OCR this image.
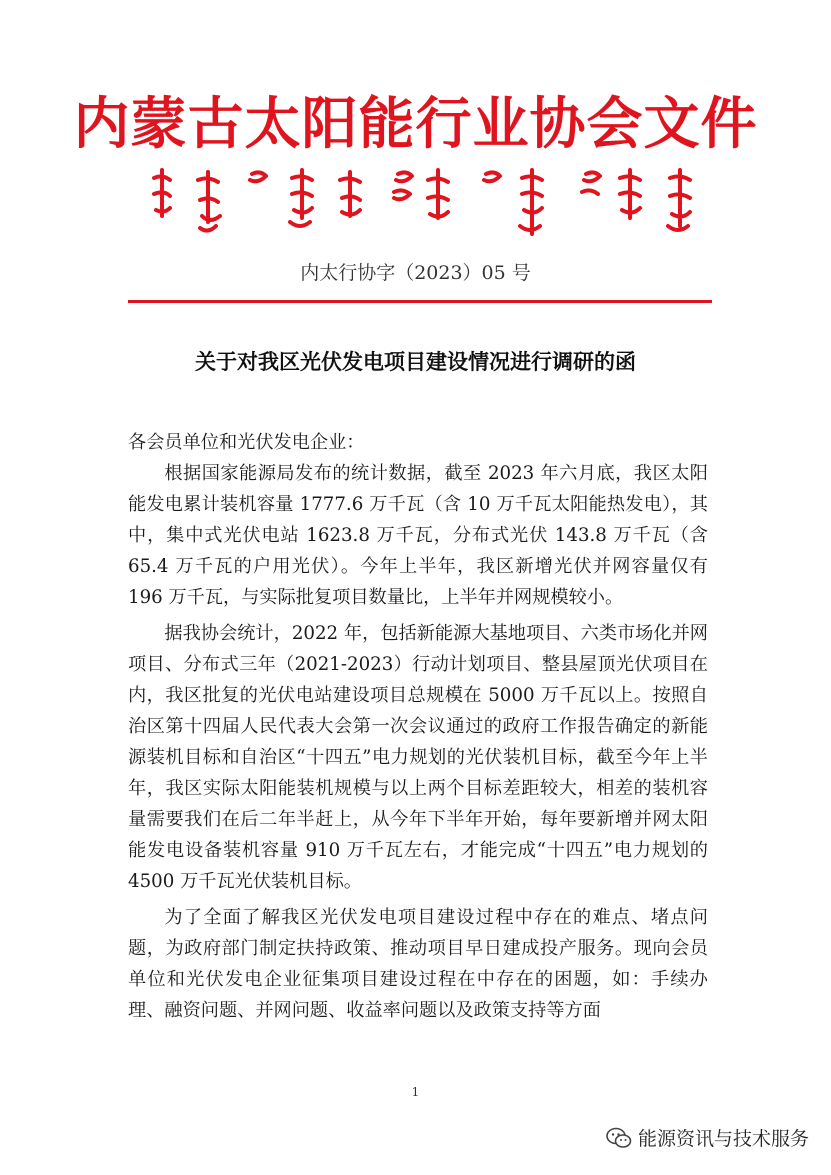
内蒙古太阳能行业协会文件
内太行协字（2023）05 号
关于对我区光伏发电项目建设情况进行调研的函

各会员单位和光伏发电企业：

根据国家能源局发布的统计数据，截至 2023 年六月底，我区太阳能发电累计装机容量 1777.6 万千瓦（含 10 万千瓦太阳能热发电），其中，集中式光伏电站 1623.8 万千瓦，分布式光伏 143.8 万千瓦（含 65.4 万千瓦的户用光伏）。今年上半年，我区新增光伏并网容量仅有 196 万千瓦，与实际批复项目数量比，上半年并网规模较小。

据我协会统计，2022 年，包括新能源大基地项目、六类市场化并网项目、分布式三年（2021-2023）行动计划项目、整县屋顶光伏项目在内，我区批复的光伏电站建设项目总规模在 5000 万千瓦以上。按照自治区第十四届人民代表大会第一次会议通过的政府工作报告确定的新能源装机目标和自治区“十四五”电力规划的光伏装机目标，截至今年上半年，我区实际太阳能装机规模与以上两个目标差距较大，相差的装机容量需要我们在后二年半赶上，从今年下半年开始，每年要新增并网太阳能发电设备装机容量 910 万千瓦左右，才能完成“十四五”电力规划的 4500 万千瓦光伏装机目标。

为了全面了解我区光伏发电项目建设过程中存在的难点、堵点问题，为政府部门制定扶持政策、推动项目早日建成投产服务。现向会员单位和光伏发电企业征集项目建设过程在中存在的困题，如：手续办理、融资问题、并网问题、收益率问题以及政策支持等方面

1
能源资讯与技术服务
